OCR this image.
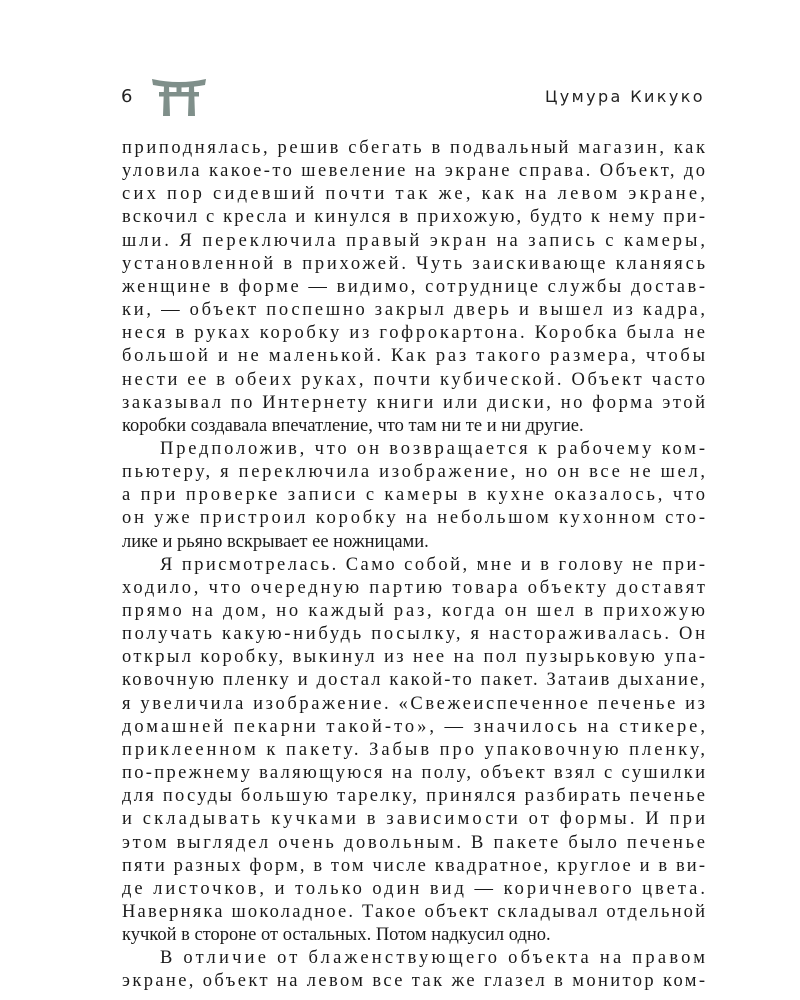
6	Цумура Кикуко
приподнялась, решив сбегать в подвальный магазин, как
уловила какое-то шевеление на экране справа. Объект, до
сих пор сидевший почти так же, как на левом экране,
вскочил с кресла и кинулся в прихожую, будто к нему при-
шли. Я переключила правый экран на запись с камеры,
установленной в прихожей. Чуть заискивающе кланяясь
женщине в форме — видимо, сотруднице службы достав-
ки, — объект поспешно закрыл дверь и вышел из кадра,
неся в руках коробку из гофрокартона. Коробка была не
большой и не маленькой. Как раз такого размера, чтобы
нести ее в обеих руках, почти кубической. Объект часто
заказывал по Интернету книги или диски, но форма этой
коробки создавала впечатление, что там ни те и ни другие.
Предположив, что он возвращается к рабочему ком-
пьютеру, я переключила изображение, но он все не шел,
а при проверке записи с камеры в кухне оказалось, что
он уже пристроил коробку на небольшом кухонном сто-
лике и рьяно вскрывает ее ножницами.
Я присмотрелась. Само собой, мне и в голову не при-
ходило, что очередную партию товара объекту доставят
прямо на дом, но каждый раз, когда он шел в прихожую
получать какую-нибудь посылку, я настораживалась. Он
открыл коробку, выкинул из нее на пол пузырьковую упа-
ковочную пленку и достал какой-то пакет. Затаив дыхание,
я увеличила изображение. «Свежеиспеченное печенье из
домашней пекарни такой-то», — значилось на стикере,
приклеенном к пакету. Забыв про упаковочную пленку,
по-прежнему валяющуюся на полу, объект взял с сушилки
для посуды большую тарелку, принялся разбирать печенье
и складывать кучками в зависимости от формы. И при
этом выглядел очень довольным. В пакете было печенье
пяти разных форм, в том числе квадратное, круглое и в ви-
де листочков, и только один вид — коричневого цвета.
Наверняка шоколадное. Такое объект складывал отдельной
кучкой в стороне от остальных. Потом надкусил одно.
В отличие от блаженствующего объекта на правом
экране, объект на левом все так же глазел в монитор ком-
